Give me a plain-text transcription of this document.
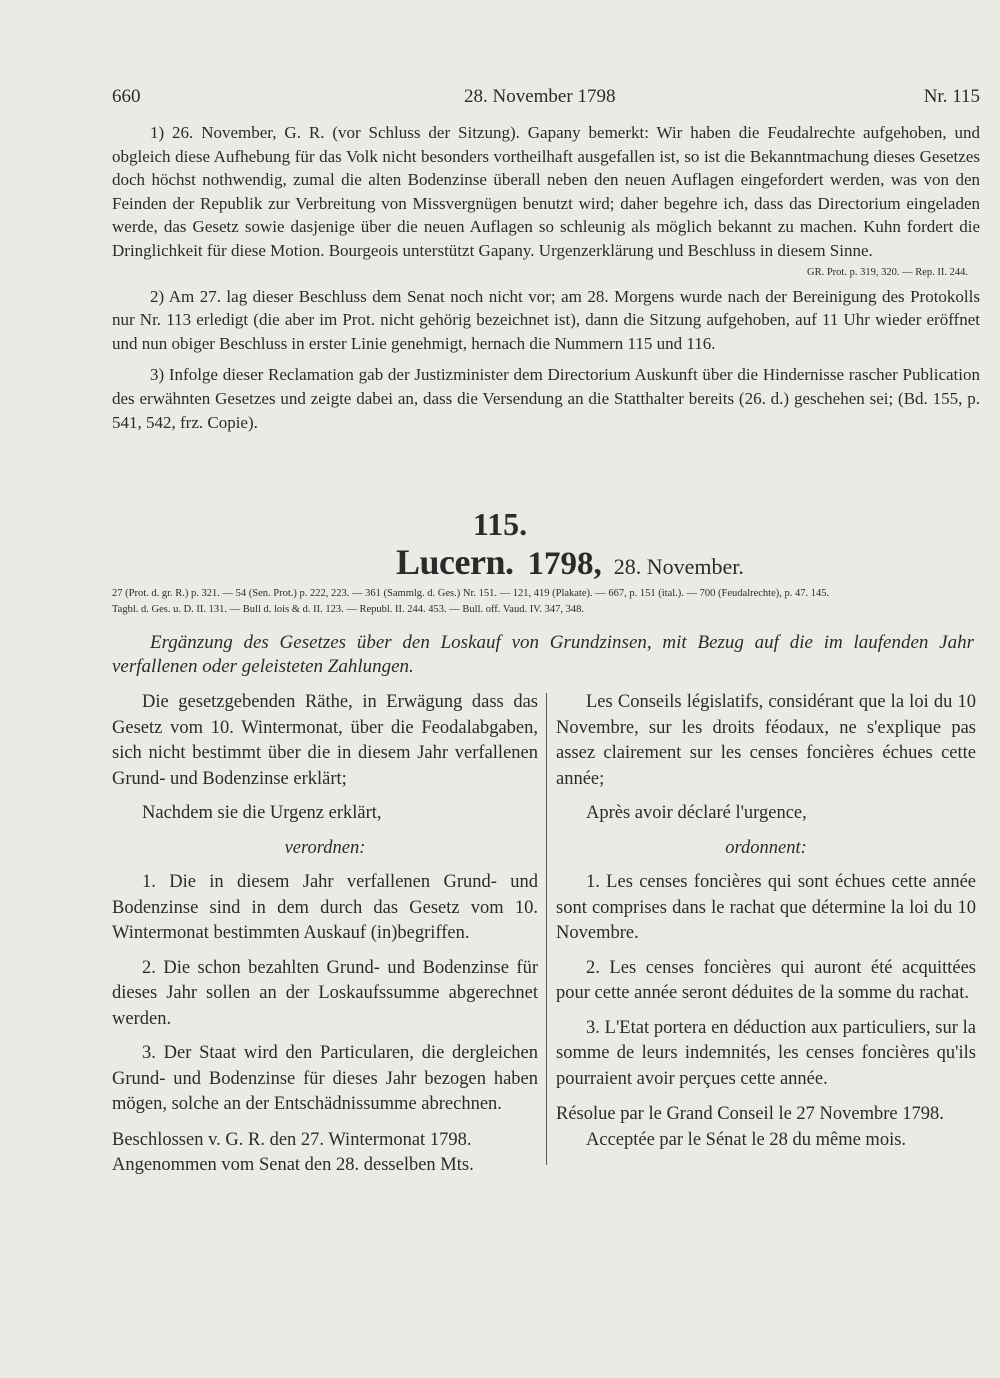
660	28. November 1798	Nr. 115

1) 26. November, G. R. (vor Schluss der Sitzung). Gapany bemerkt: Wir haben die Feudalrechte aufgehoben, und obgleich diese Aufhebung für das Volk nicht besonders vortheilhaft ausgefallen ist, so ist die Bekanntmachung dieses Gesetzes doch höchst nothwendig, zumal die alten Bodenzinse überall neben den neuen Auflagen eingefordert werden, was von den Feinden der Republik zur Verbreitung von Missvergnügen benutzt wird; daher begehre ich, dass das Directorium eingeladen werde, das Gesetz sowie dasjenige über die neuen Auflagen so schleunig als möglich bekannt zu machen. Kuhn fordert die Dringlichkeit für diese Motion. Bourgeois unterstützt Gapany. Urgenzerklärung und Beschluss in diesem Sinne.

GR. Prot. p. 319, 320. — Rep. II. 244.

2) Am 27. lag dieser Beschluss dem Senat noch nicht vor; am 28. Morgens wurde nach der Bereinigung des Protokolls nur Nr. 113 erledigt (die aber im Prot. nicht gehörig bezeichnet ist), dann die Sitzung aufgehoben, auf 11 Uhr wieder eröffnet und nun obiger Beschluss in erster Linie genehmigt, hernach die Nummern 115 und 116.

3) Infolge dieser Reclamation gab der Justizminister dem Directorium Auskunft über die Hindernisse rascher Publication des erwähnten Gesetzes und zeigte dabei an, dass die Versendung an die Statthalter bereits (26. d.) geschehen sei; (Bd. 155, p. 541, 542, frz. Copie).

115.
Lucern. 1798, 28. November.
27 (Prot. d. gr. R.) p. 321. — 54 (Sen. Prot.) p. 222, 223. — 361 (Sammlg. d. Ges.) Nr. 151. — 121, 419 (Plakate). — 667, p. 151 (ital.). — 700 (Feudalrechte), p. 47. 145.
Tagbl. d. Ges. u. D. II. 131. — Bull d. lois & d. II. 123. — Republ. II. 244. 453. — Bull. off. Vaud. IV. 347, 348.
Ergänzung des Gesetzes über den Loskauf von Grundzinsen, mit Bezug auf die im laufenden Jahr verfallenen oder geleisteten Zahlungen.

Die gesetzgebenden Räthe, in Erwägung dass das Gesetz vom 10. Wintermonat, über die Feodalabgaben, sich nicht bestimmt über die in diesem Jahr verfallenen Grund- und Bodenzinse erklärt;

Nachdem sie die Urgenz erklärt,

verordnen:

1. Die in diesem Jahr verfallenen Grund- und Bodenzinse sind in dem durch das Gesetz vom 10. Wintermonat bestimmten Auskauf (in)begriffen.

2. Die schon bezahlten Grund- und Bodenzinse für dieses Jahr sollen an der Loskaufssumme abgerechnet werden.

3. Der Staat wird den Particularen, die dergleichen Grund- und Bodenzinse für dieses Jahr bezogen haben mögen, solche an der Entschädnissumme abrechnen.

Beschlossen v. G. R. den 27. Wintermonat 1798.

Angenommen vom Senat den 28. desselben Mts.

Les Conseils législatifs, considérant que la loi du 10 Novembre, sur les droits féodaux, ne s'explique pas assez clairement sur les censes foncières échues cette année;

Après avoir déclaré l'urgence,

ordonnent:

1. Les censes foncières qui sont échues cette année sont comprises dans le rachat que détermine la loi du 10 Novembre.

2. Les censes foncières qui auront été acquittées pour cette année seront déduites de la somme du rachat.

3. L'Etat portera en déduction aux particuliers, sur la somme de leurs indemnités, les censes foncières qu'ils pourraient avoir perçues cette année.

Résolue par le Grand Conseil le 27 Novembre 1798.

Acceptée par le Sénat le 28 du même mois.
